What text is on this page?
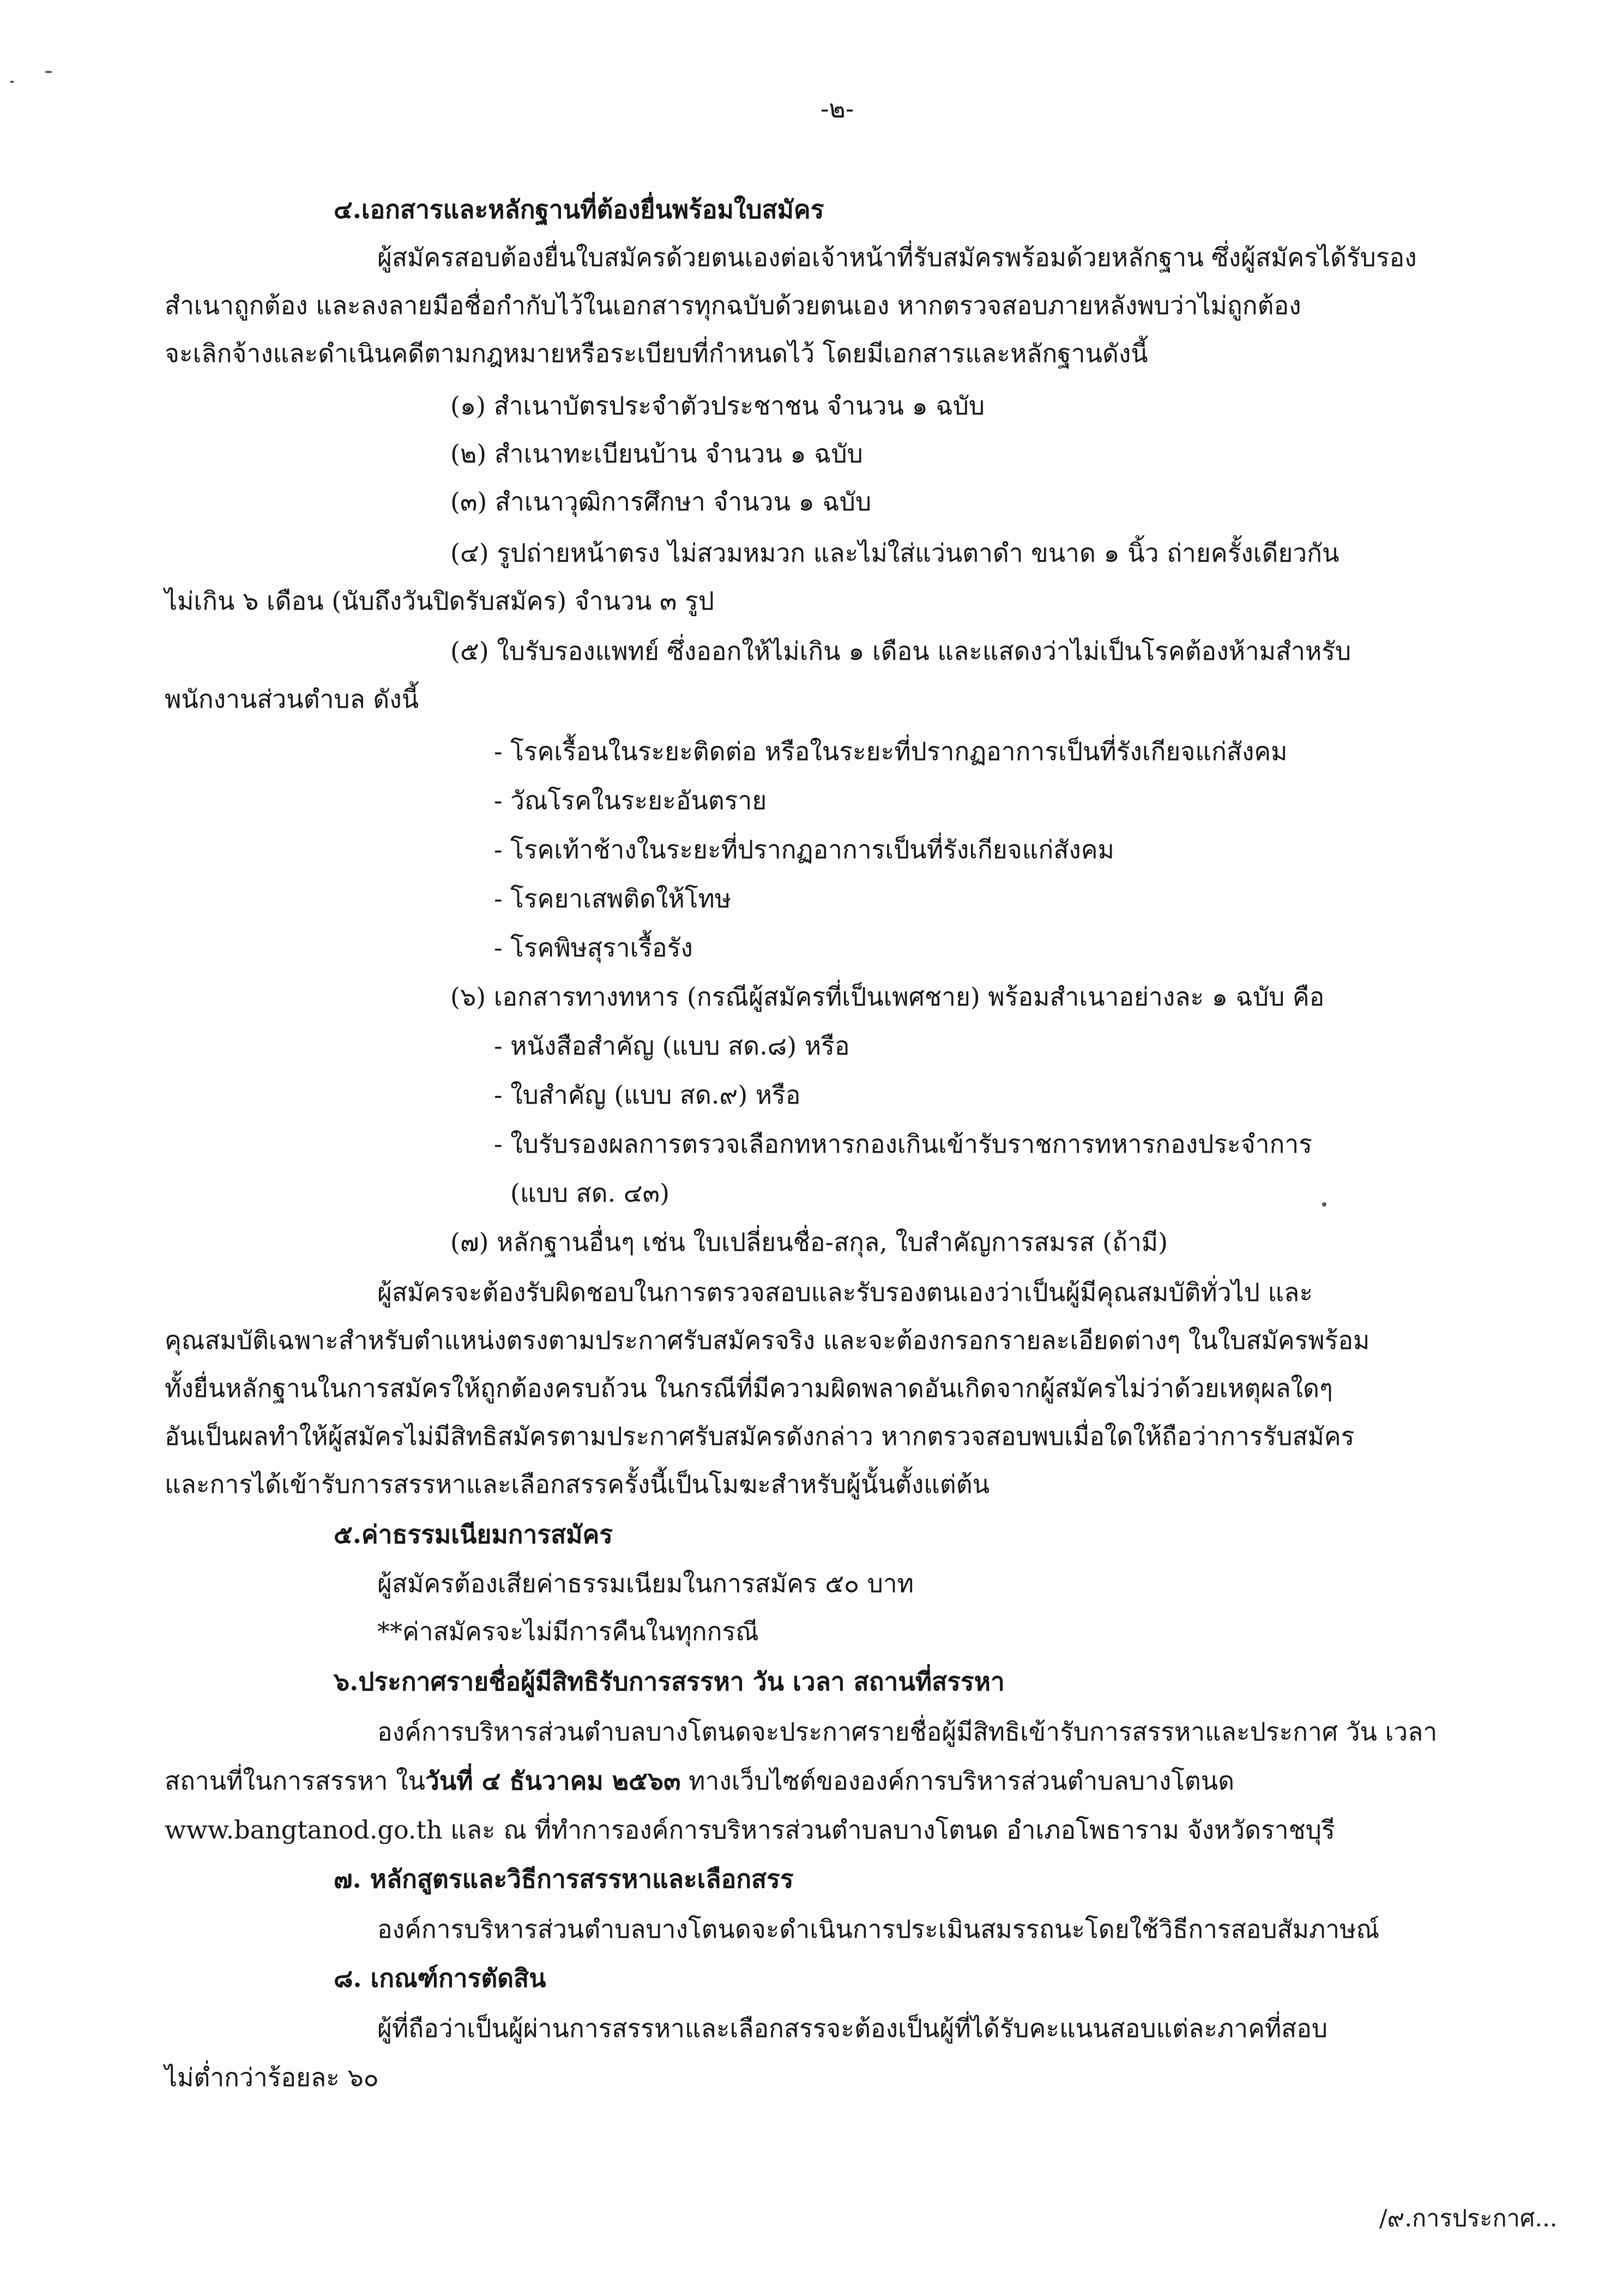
-๒-
๔.เอกสารและหลักฐานที่ต้องยื่นพร้อมใบสมัคร
ผู้สมัครสอบต้องยื่นใบสมัครด้วยตนเองต่อเจ้าหน้าที่รับสมัครพร้อมด้วยหลักฐาน ซึ่งผู้สมัครได้รับรอง
สำเนาถูกต้อง และลงลายมือชื่อกำกับไว้ในเอกสารทุกฉบับด้วยตนเอง หากตรวจสอบภายหลังพบว่าไม่ถูกต้อง
จะเลิกจ้างและดำเนินคดีตามกฎหมายหรือระเบียบที่กำหนดไว้ โดยมีเอกสารและหลักฐานดังนี้
(๑) สำเนาบัตรประจำตัวประชาชน จำนวน ๑ ฉบับ
(๒) สำเนาทะเบียนบ้าน จำนวน ๑ ฉบับ
(๓) สำเนาวุฒิการศึกษา จำนวน ๑ ฉบับ
(๔) รูปถ่ายหน้าตรง ไม่สวมหมวก และไม่ใส่แว่นตาดำ ขนาด ๑ นิ้ว ถ่ายครั้งเดียวกัน
ไม่เกิน ๖ เดือน (นับถึงวันปิดรับสมัคร) จำนวน ๓ รูป
(๕) ใบรับรองแพทย์ ซึ่งออกให้ไม่เกิน ๑ เดือน และแสดงว่าไม่เป็นโรคต้องห้ามสำหรับ
พนักงานส่วนตำบล ดังนี้
- โรคเรื้อนในระยะติดต่อ หรือในระยะที่ปรากฏอาการเป็นที่รังเกียจแก่สังคม
- วัณโรคในระยะอันตราย
- โรคเท้าช้างในระยะที่ปรากฏอาการเป็นที่รังเกียจแก่สังคม
- โรคยาเสพติดให้โทษ
- โรคพิษสุราเรื้อรัง
(๖) เอกสารทางทหาร (กรณีผู้สมัครที่เป็นเพศชาย) พร้อมสำเนาอย่างละ ๑ ฉบับ คือ
- หนังสือสำคัญ (แบบ สด.๘) หรือ
- ใบสำคัญ (แบบ สด.๙) หรือ
- ใบรับรองผลการตรวจเลือกทหารกองเกินเข้ารับราชการทหารกองประจำการ
(แบบ สด. ๔๓)
(๗) หลักฐานอื่นๆ เช่น ใบเปลี่ยนชื่อ-สกุล, ใบสำคัญการสมรส (ถ้ามี)
ผู้สมัครจะต้องรับผิดชอบในการตรวจสอบและรับรองตนเองว่าเป็นผู้มีคุณสมบัติทั่วไป และ
คุณสมบัติเฉพาะสำหรับตำแหน่งตรงตามประกาศรับสมัครจริง และจะต้องกรอกรายละเอียดต่างๆ ในใบสมัครพร้อม
ทั้งยื่นหลักฐานในการสมัครให้ถูกต้องครบถ้วน ในกรณีที่มีความผิดพลาดอันเกิดจากผู้สมัครไม่ว่าด้วยเหตุผลใดๆ
อันเป็นผลทำให้ผู้สมัครไม่มีสิทธิสมัครตามประกาศรับสมัครดังกล่าว หากตรวจสอบพบเมื่อใดให้ถือว่าการรับสมัคร
และการได้เข้ารับการสรรหาและเลือกสรรครั้งนี้เป็นโมฆะสำหรับผู้นั้นตั้งแต่ต้น
๕.ค่าธรรมเนียมการสมัคร
ผู้สมัครต้องเสียค่าธรรมเนียมในการสมัคร ๕๐ บาท
**ค่าสมัครจะไม่มีการคืนในทุกกรณี
๖.ประกาศรายชื่อผู้มีสิทธิรับการสรรหา วัน เวลา สถานที่สรรหา
องค์การบริหารส่วนตำบลบางโตนดจะประกาศรายชื่อผู้มีสิทธิเข้ารับการสรรหาและประกาศ วัน เวลา
สถานที่ในการสรรหา ในวันที่ ๔ ธันวาคม ๒๕๖๓ ทางเว็บไซต์ขององค์การบริหารส่วนตำบลบางโตนด
www.bangtanod.go.th และ ณ ที่ทำการองค์การบริหารส่วนตำบลบางโตนด อำเภอโพธาราม จังหวัดราชบุรี
๗. หลักสูตรและวิธีการสรรหาและเลือกสรร
องค์การบริหารส่วนตำบลบางโตนดจะดำเนินการประเมินสมรรถนะโดยใช้วิธีการสอบสัมภาษณ์
๘. เกณฑ์การตัดสิน
ผู้ที่ถือว่าเป็นผู้ผ่านการสรรหาและเลือกสรรจะต้องเป็นผู้ที่ได้รับคะแนนสอบแต่ละภาคที่สอบ
ไม่ต่ำกว่าร้อยละ ๖๐
/๙.การประกาศ...
